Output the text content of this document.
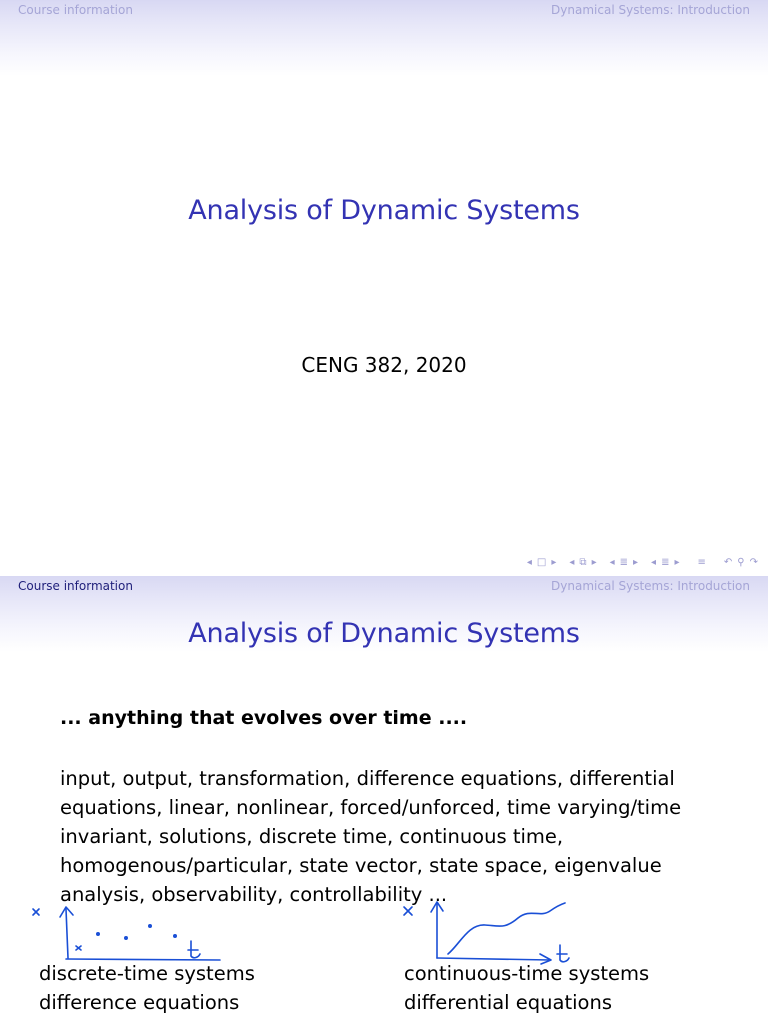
Course information	Dynamical Systems: Introduction
Analysis of Dynamic Systems
CENG 382, 2020
◂ □ ▸ ◂ ⧉ ▸ ◂ ≣ ▸ ◂ ≣ ▸ ≡ ↶ ⚲ ↷
Course information	Dynamical Systems: Introduction
Analysis of Dynamic Systems
... anything that evolves over time ....

input, output, transformation, difference equations, differential equations, linear, nonlinear, forced/unforced, time varying/time invariant, solutions, discrete time, continuous time, homogenous/particular, state vector, state space, eigenvalue analysis, observability, controllability ...

discrete-time systems
difference equations
continuous-time systems
differential equations
